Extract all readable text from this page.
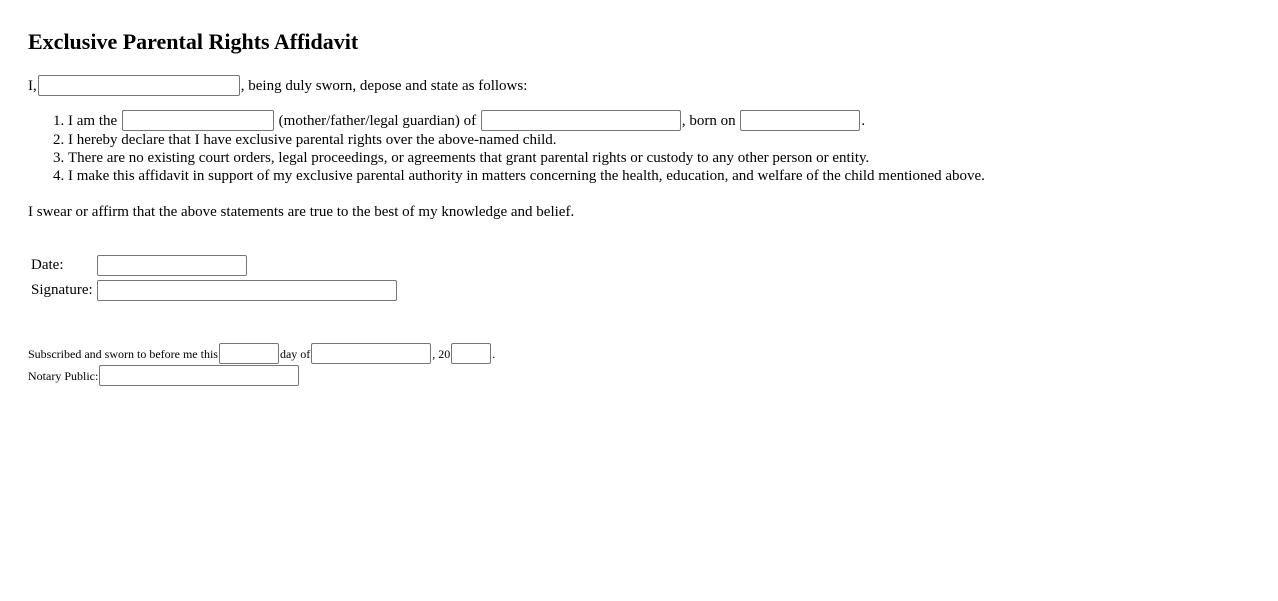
Exclusive Parental Rights Affidavit
I,	, being duly sworn, depose and state as follows:
1. I am the

	(mother/father/legal guardian) of
	, born on
	.
2. I hereby declare that I have exclusive parental rights over the above-named child.
3. There are no existing court orders, legal proceedings, or agreements that grant parental rights or custody to any other person or entity.
4. I make this affidavit in support of my exclusive parental authority in matters concerning the health, education, and welfare of the child mentioned above.
I swear or affirm that the above statements are true to the best of my knowledge and belief.
Date:	
Signature:	
Subscribed and sworn to before me this	day of	, 20	.
Notary Public:
